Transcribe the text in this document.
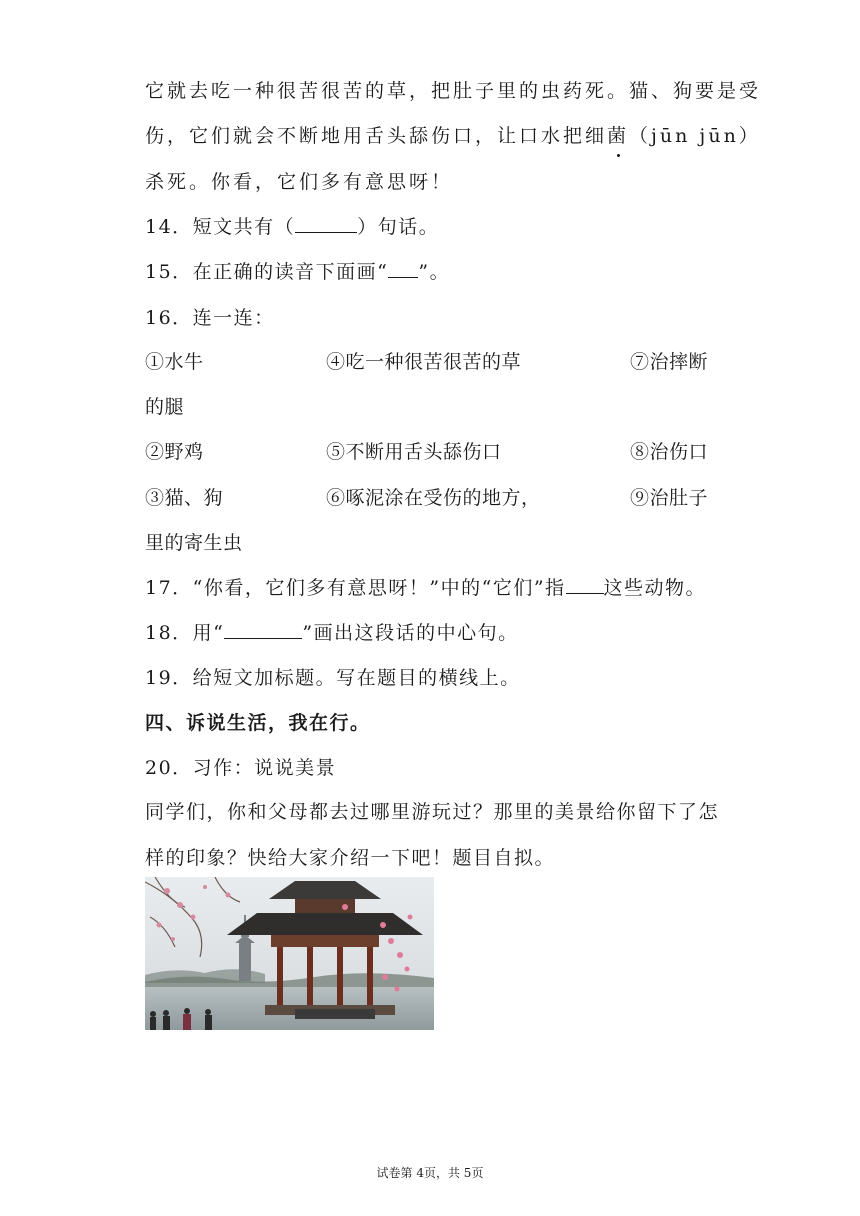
它就去吃一种很苦很苦的草，把肚子里的虫药死。猫、狗要是受
伤，它们就会不断地用舌头舔伤口，让口水把细菌（jūn jūn）
杀死。你看，它们多有意思呀！
14．短文共有（	）句话。
15．在正确的读音下面画“ ”。
16．连一连：
①水牛	④吃一种很苦很苦的草	⑦治摔断
的腿
②野鸡	⑤不断用舌头舔伤口	⑧治伤口
③猫、狗	⑥啄泥涂在受伤的地方，	⑨治肚子
里的寄生虫
17．“你看，它们多有意思呀！”中的“它们”指 这些动物。
18．用“	”画出这段话的中心句。
19．给短文加标题。写在题目的横线上。
四、诉说生活，我在行。
20．习作：说说美景
同学们，你和父母都去过哪里游玩过？那里的美景给你留下了怎
样的印象？快给大家介绍一下吧！题目自拟。
试卷第 4页，共 5页
